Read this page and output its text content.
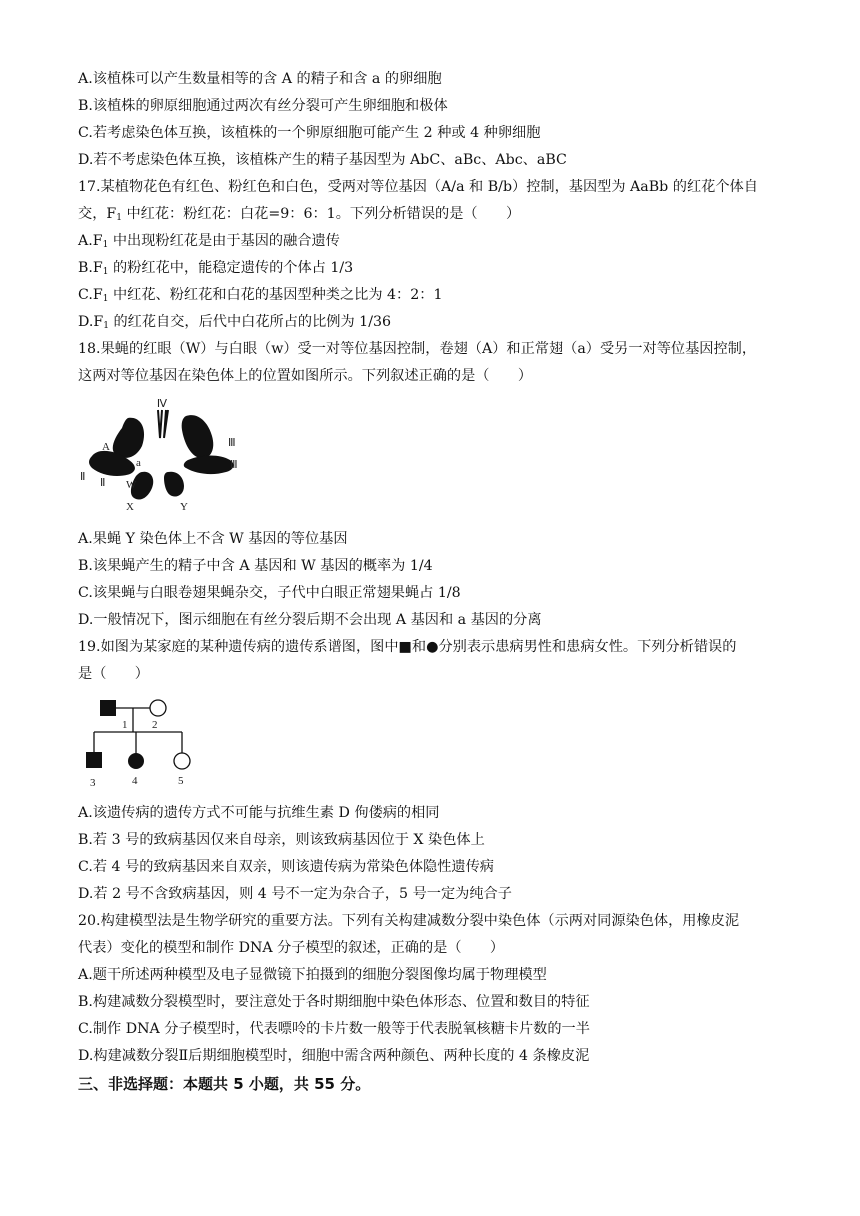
A.该植株可以产生数量相等的含 A 的精子和含 a 的卵细胞
B.该植株的卵原细胞通过两次有丝分裂可产生卵细胞和极体
C.若考虑染色体互换，该植株的一个卵原细胞可能产生 2 种或 4 种卵细胞
D.若不考虑染色体互换，该植株产生的精子基因型为 AbC、aBc、Abc、aBC
17.某植物花色有红色、粉红色和白色，受两对等位基因（A/a 和 B/b）控制，基因型为 AaBb 的红花个体自
交，$F_1$ 中红花：粉红花：白花=9：6：1。下列分析错误的是（　　）
$A.F_1$ 中出现粉红花是由于基因的融合遗传
$B.F_1$ 的粉红花中，能稳定遗传的个体占 1/3
$C.F_1$ 中红花、粉红花和白花的基因型种类之比为 4：2：1
$D.F_1$ 的红花自交，后代中白花所占的比例为 1/36
18.果蝇的红眼（W）与白眼（w）受一对等位基因控制，卷翅（A）和正常翅（a）受另一对等位基因控制，
这两对等位基因在染色体上的位置如图所示。下列叙述正确的是（　　）
Ⅳ
A
a
Ⅱ Ⅱ W
Ⅲ
Ⅲ
X	Y
A.果蝇 Y 染色体上不含 W 基因的等位基因
B.该果蝇产生的精子中含 A 基因和 W 基因的概率为 1/4
C.该果蝇与白眼卷翅果蝇杂交，子代中白眼正常翅果蝇占 1/8
D.一般情况下，图示细胞在有丝分裂后期不会出现 A 基因和 a 基因的分离
19.如图为某家庭的某种遗传病的遗传系谱图，图中■和●分别表示患病男性和患病女性。下列分析错误的
是（　　）
1 2
3	4	5
A.该遗传病的遗传方式不可能与抗维生素 D 佝偻病的相同
B.若 3 号的致病基因仅来自母亲，则该致病基因位于 X 染色体上
C.若 4 号的致病基因来自双亲，则该遗传病为常染色体隐性遗传病
D.若 2 号不含致病基因，则 4 号不一定为杂合子，5 号一定为纯合子
20.构建模型法是生物学研究的重要方法。下列有关构建减数分裂中染色体（示两对同源染色体，用橡皮泥
代表）变化的模型和制作 DNA 分子模型的叙述，正确的是（　　）
A.题干所述两种模型及电子显微镜下拍摄到的细胞分裂图像均属于物理模型
B.构建减数分裂模型时，要注意处于各时期细胞中染色体形态、位置和数目的特征
C.制作 DNA 分子模型时，代表嘌呤的卡片数一般等于代表脱氧核糖卡片数的一半
D.构建减数分裂Ⅱ后期细胞模型时，细胞中需含两种颜色、两种长度的 4 条橡皮泥
三、非选择题：本题共 5 小题，共 55 分。
